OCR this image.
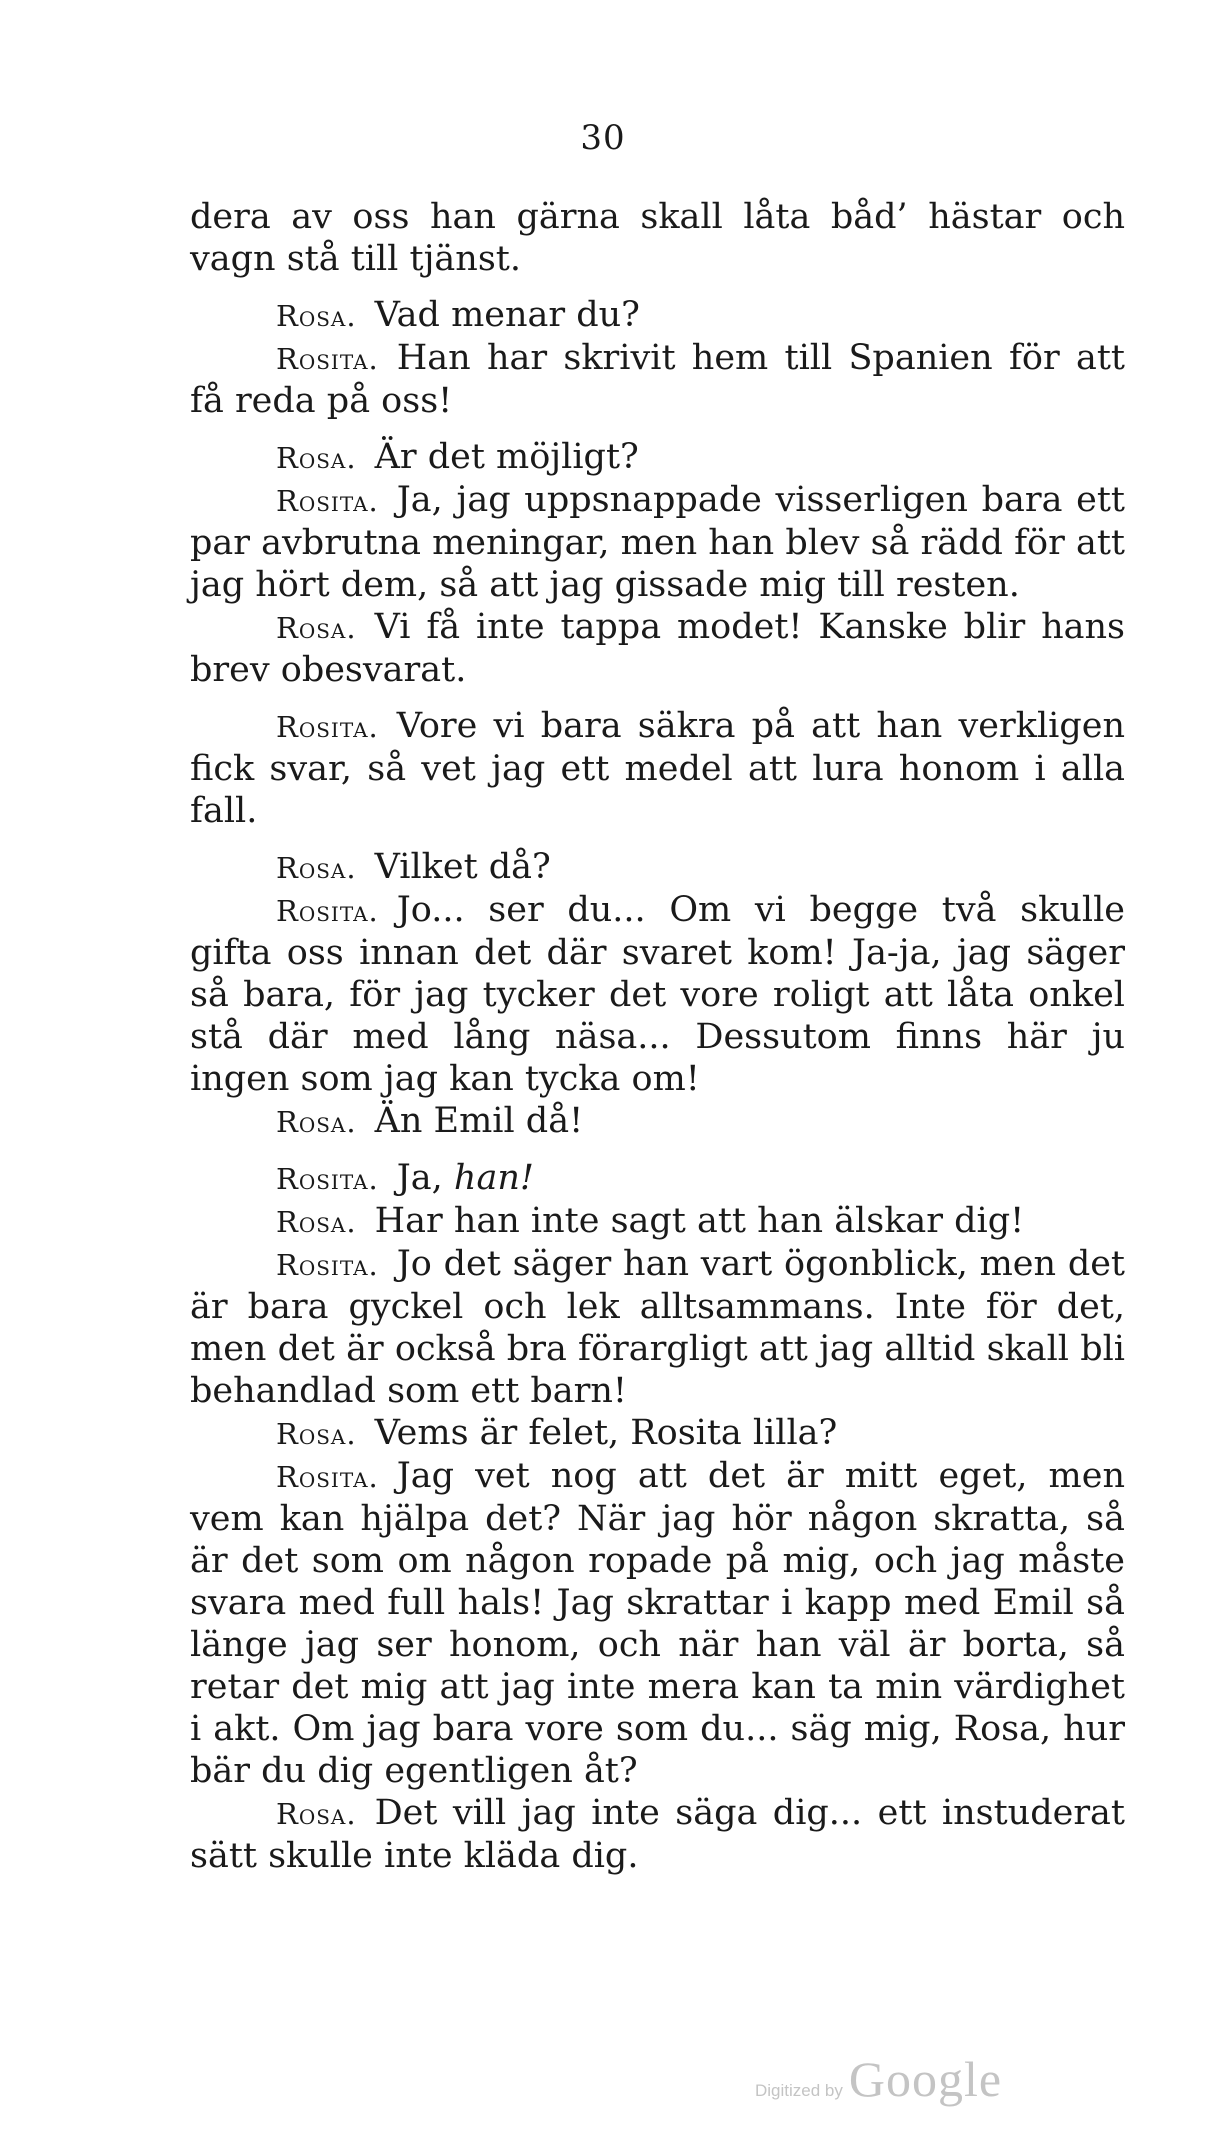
30

dera av oss han gärna skall låta båd’ hästar och vagn stå till tjänst.

Rosa. Vad menar du?

Rosita. Han har skrivit hem till Spanien för att få reda på oss!

Rosa. Är det möjligt?

Rosita. Ja, jag uppsnappade visserligen bara ett par avbrutna meningar, men han blev så rädd för att jag hört dem, så att jag gissade mig till resten.

Rosa. Vi få inte tappa modet! Kanske blir hans brev obesvarat.

Rosita. Vore vi bara säkra på att han verkligen fick svar, så vet jag ett medel att lura honom i alla fall.

Rosa. Vilket då?

Rosita. Jo... ser du... Om vi begge två skulle gifta oss innan det där svaret kom! Ja-ja, jag säger så bara, för jag tycker det vore roligt att låta onkel stå där med lång näsa... Dessutom finns här ju ingen som jag kan tycka om!

Rosa. Än Emil då!

Rosita. Ja, han!

Rosa. Har han inte sagt att han älskar dig!

Rosita. Jo det säger han vart ögonblick, men det är bara gyckel och lek alltsammans. Inte för det, men det är också bra förargligt att jag alltid skall bli behandlad som ett barn!

Rosa. Vems är felet, Rosita lilla?

Rosita. Jag vet nog att det är mitt eget, men vem kan hjälpa det? När jag hör någon skratta, så är det som om någon ropade på mig, och jag måste svara med full hals! Jag skrattar i kapp med Emil så länge jag ser honom, och när han väl är borta, så retar det mig att jag inte mera kan ta min värdighet i akt. Om jag bara vore som du... säg mig, Rosa, hur bär du dig egentligen åt?

Rosa. Det vill jag inte säga dig... ett instuderat sätt skulle inte kläda dig.

Digitized by Google
